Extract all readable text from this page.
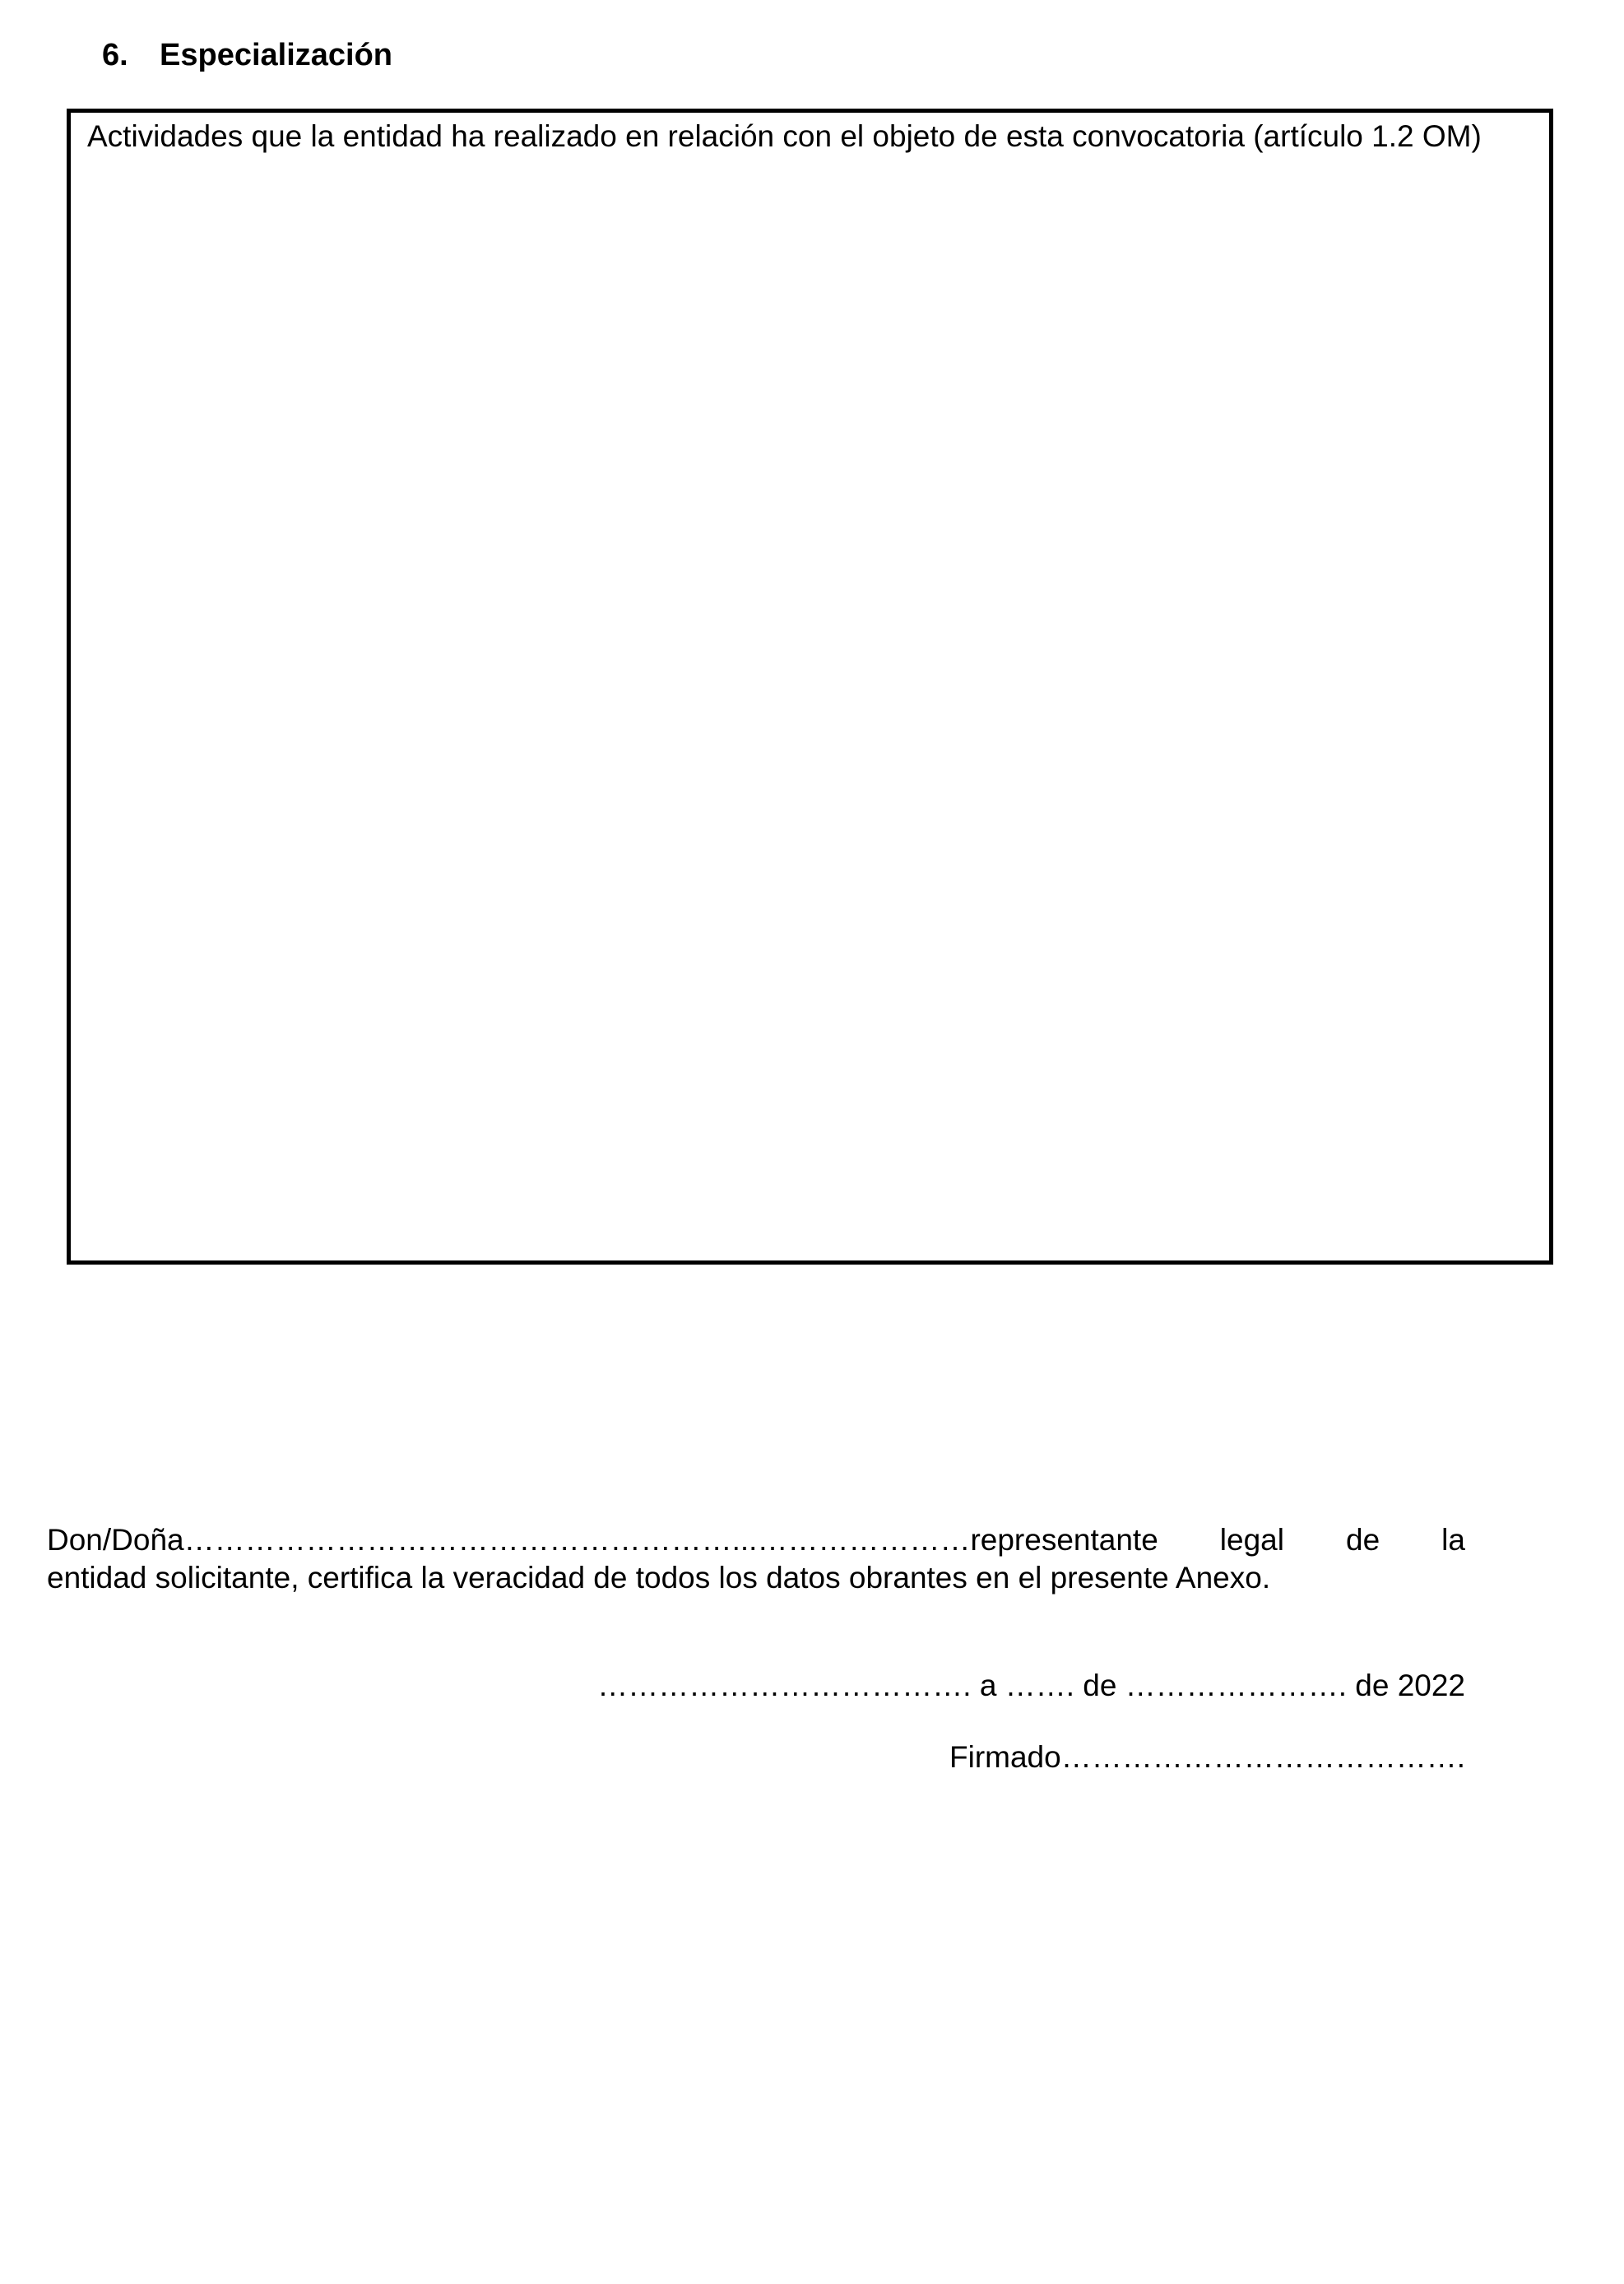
6. Especialización
Actividades que la entidad ha realizado en relación con el objeto de esta convocatoria (artículo 1.2 OM)
Don/Doña………………………………………………...…………………representante legal de la
entidad solicitante, certifica la veracidad de todos los datos obrantes en el presente Anexo.
………………………………. a ……. de …………………. de 2022
Firmado………………………………….
